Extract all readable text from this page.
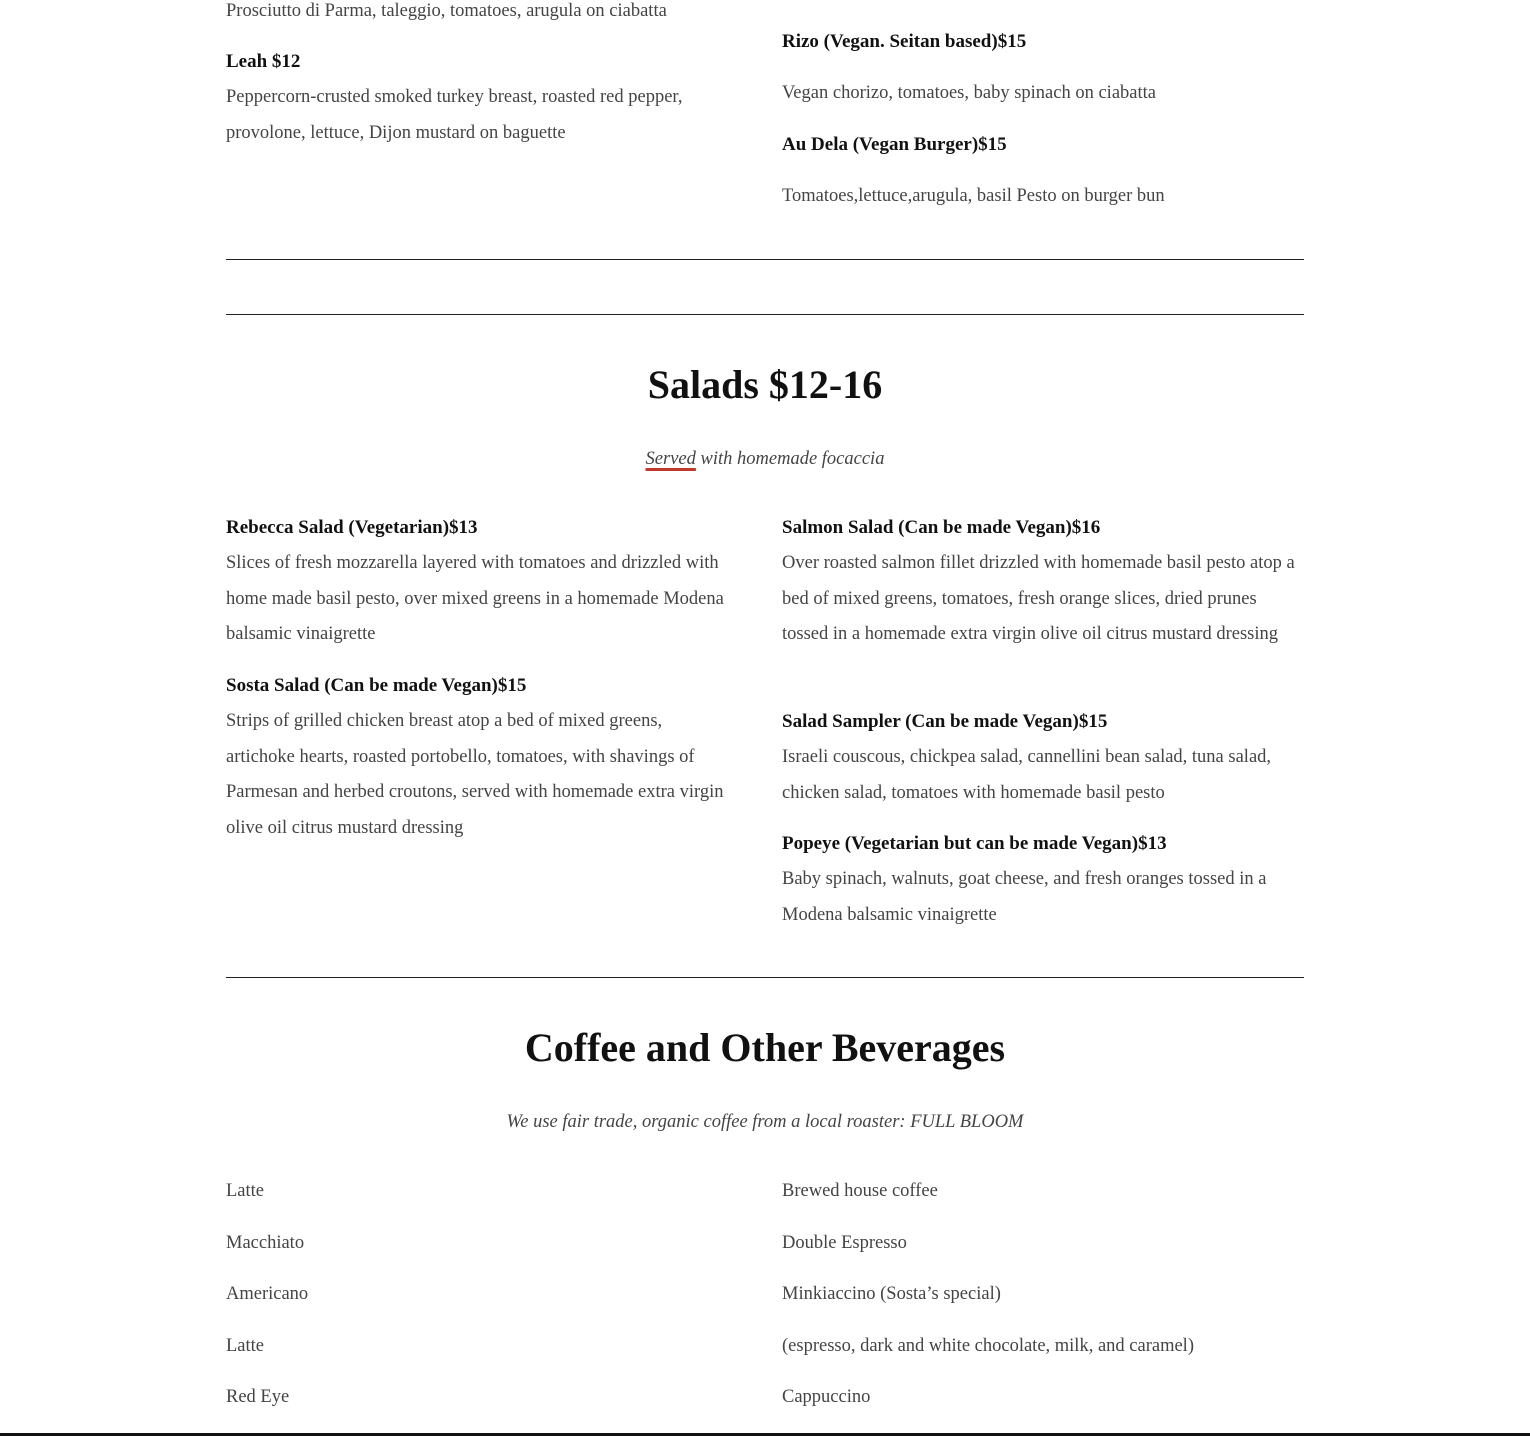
Prosciutto di Parma, taleggio, tomatoes, arugula on ciabatta

Leah $12

Peppercorn-crusted smoked turkey breast, roasted red pepper, provolone, lettuce, Dijon mustard on baguette

Rizo (Vegan. Seitan based)$15

Vegan chorizo, tomatoes, baby spinach on ciabatta

Au Dela (Vegan Burger)$15

Tomatoes,lettuce,arugula, basil Pesto on burger bun

Salads $12-16

Served with homemade focaccia

Rebecca Salad (Vegetarian)$13

Slices of fresh mozzarella layered with tomatoes and drizzled with home made basil pesto, over mixed greens in a homemade Modena balsamic vinaigrette

Sosta Salad (Can be made Vegan)$15

Strips of grilled chicken breast atop a bed of mixed greens, artichoke hearts, roasted portobello, tomatoes, with shavings of Parmesan and herbed croutons, served with homemade extra virgin olive oil citrus mustard dressing

Salmon Salad (Can be made Vegan)$16

Over roasted salmon fillet drizzled with homemade basil pesto atop a bed of mixed greens, tomatoes, fresh orange slices, dried prunes tossed in a homemade extra virgin olive oil citrus mustard dressing

Salad Sampler (Can be made Vegan)$15

Israeli couscous, chickpea salad, cannellini bean salad, tuna salad, chicken salad, tomatoes with homemade basil pesto

Popeye (Vegetarian but can be made Vegan)$13

Baby spinach, walnuts, goat cheese, and fresh oranges tossed in a Modena balsamic vinaigrette

Coffee and Other Beverages

We use fair trade, organic coffee from a local roaster: FULL BLOOM

Latte

Macchiato

Americano

Latte

Red Eye

Brewed house coffee

Double Espresso

Minkiaccino (Sosta’s special)

(espresso, dark and white chocolate, milk, and caramel)

Cappuccino
